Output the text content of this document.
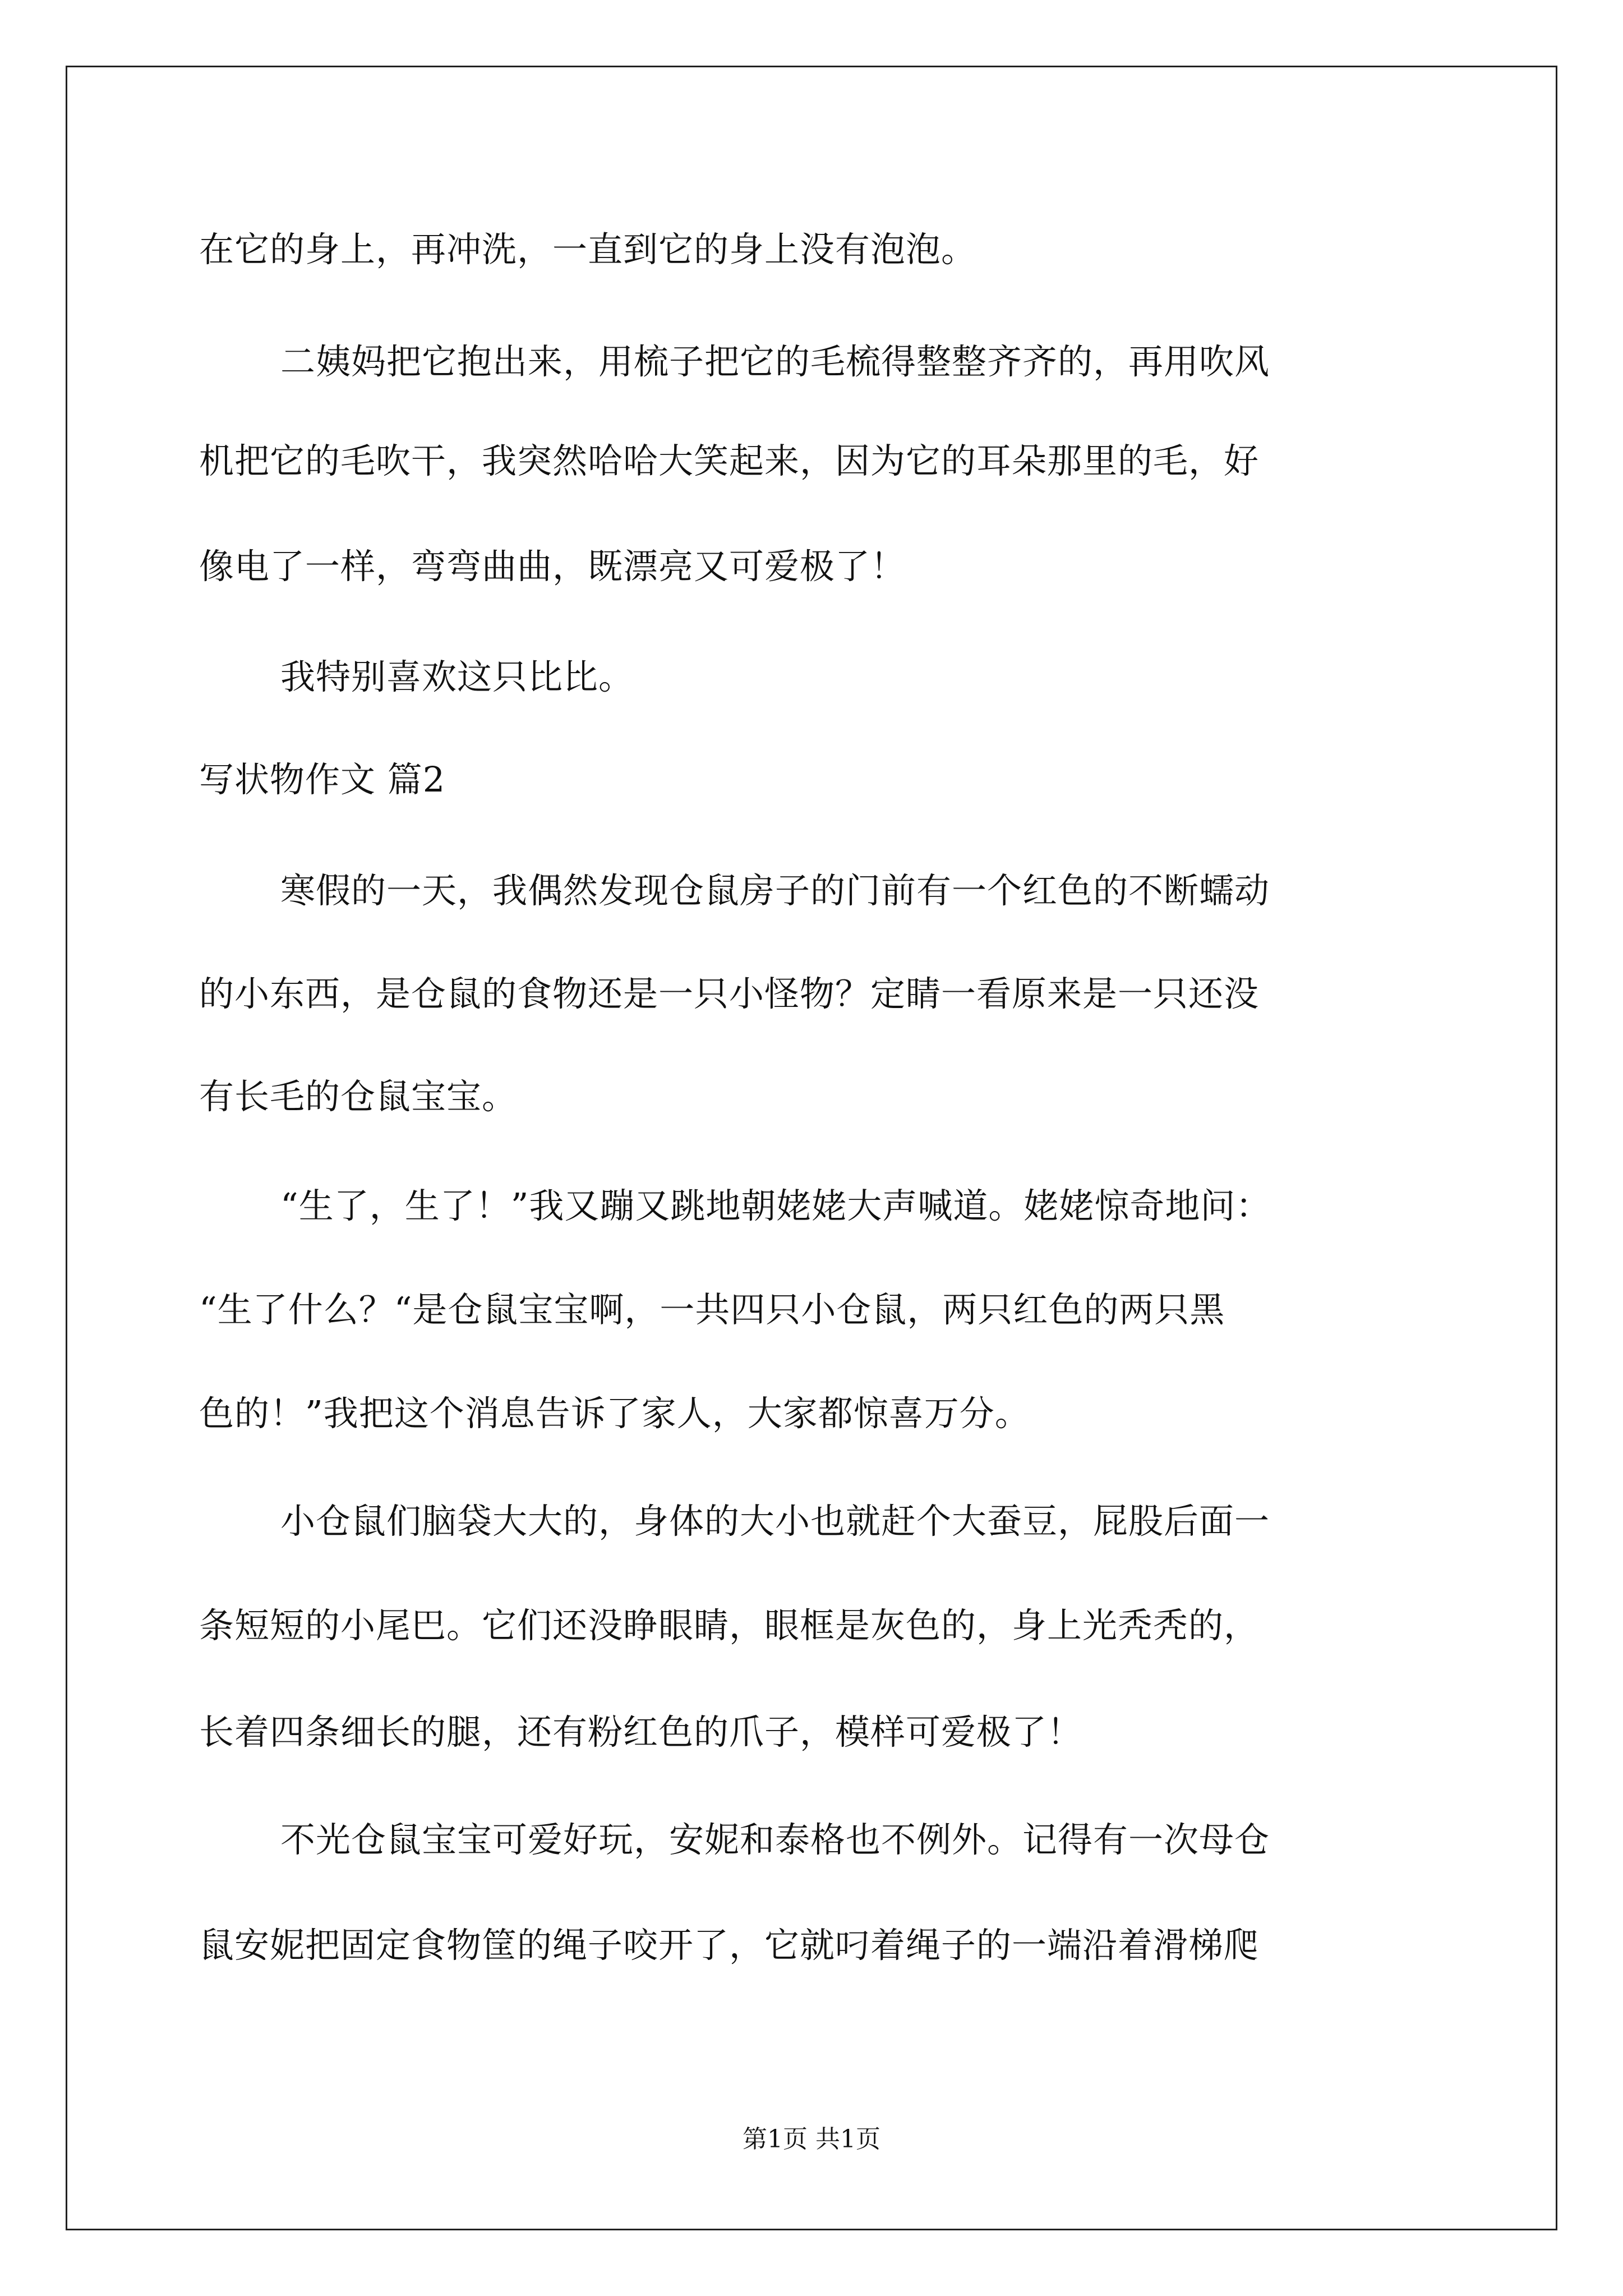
在它的身上，再冲洗，一直到它的身上没有泡泡。

二姨妈把它抱出来，用梳子把它的毛梳得整整齐齐的，再用吹风

机把它的毛吹干，我突然哈哈大笑起来，因为它的耳朵那里的毛，好

像电了一样，弯弯曲曲，既漂亮又可爱极了！

我特别喜欢这只比比。

写状物作文 篇2

寒假的一天，我偶然发现仓鼠房子的门前有一个红色的不断蠕动

的小东西，是仓鼠的食物还是一只小怪物？定睛一看原来是一只还没

有长毛的仓鼠宝宝。

“生了，生了！”我又蹦又跳地朝姥姥大声喊道。姥姥惊奇地问：

“生了什么？“是仓鼠宝宝啊，一共四只小仓鼠，两只红色的两只黑

色的！”我把这个消息告诉了家人，大家都惊喜万分。

小仓鼠们脑袋大大的，身体的大小也就赶个大蚕豆，屁股后面一

条短短的小尾巴。它们还没睁眼睛，眼框是灰色的，身上光秃秃的，

长着四条细长的腿，还有粉红色的爪子，模样可爱极了！

不光仓鼠宝宝可爱好玩，安妮和泰格也不例外。记得有一次母仓

鼠安妮把固定食物筐的绳子咬开了，它就叼着绳子的一端沿着滑梯爬

第1页 共1页
